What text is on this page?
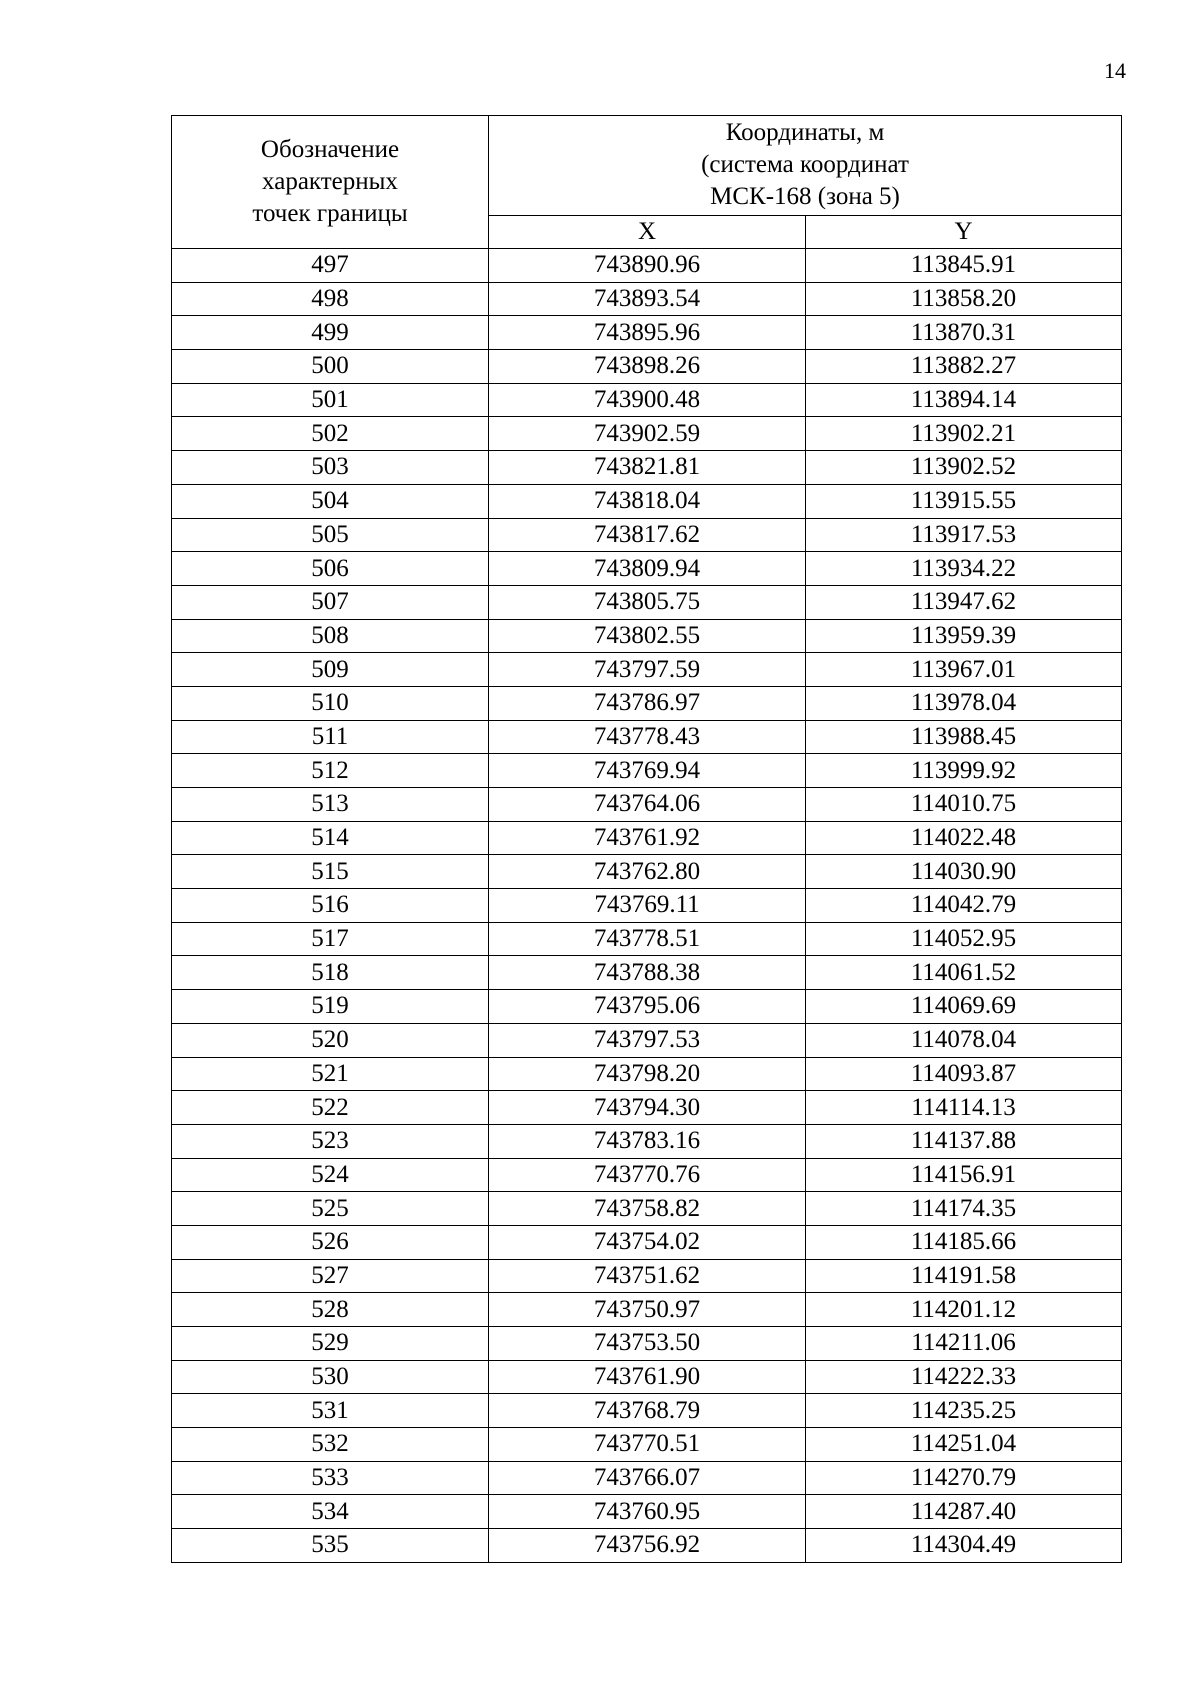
14
Обозначение
характерных
точек границы	Координаты, м
(система координат
МСК-168 (зона 5)	

	X	Y
497	743890.96	113845.91
498	743893.54	113858.20
499	743895.96	113870.31
500	743898.26	113882.27
501	743900.48	113894.14
502	743902.59	113902.21
503	743821.81	113902.52
504	743818.04	113915.55
505	743817.62	113917.53
506	743809.94	113934.22
507	743805.75	113947.62
508	743802.55	113959.39
509	743797.59	113967.01
510	743786.97	113978.04
511	743778.43	113988.45
512	743769.94	113999.92
513	743764.06	114010.75
514	743761.92	114022.48
515	743762.80	114030.90
516	743769.11	114042.79
517	743778.51	114052.95
518	743788.38	114061.52
519	743795.06	114069.69
520	743797.53	114078.04
521	743798.20	114093.87
522	743794.30	114114.13
523	743783.16	114137.88
524	743770.76	114156.91
525	743758.82	114174.35
526	743754.02	114185.66
527	743751.62	114191.58
528	743750.97	114201.12
529	743753.50	114211.06
530	743761.90	114222.33
531	743768.79	114235.25
532	743770.51	114251.04
533	743766.07	114270.79
534	743760.95	114287.40
535	743756.92	114304.49
